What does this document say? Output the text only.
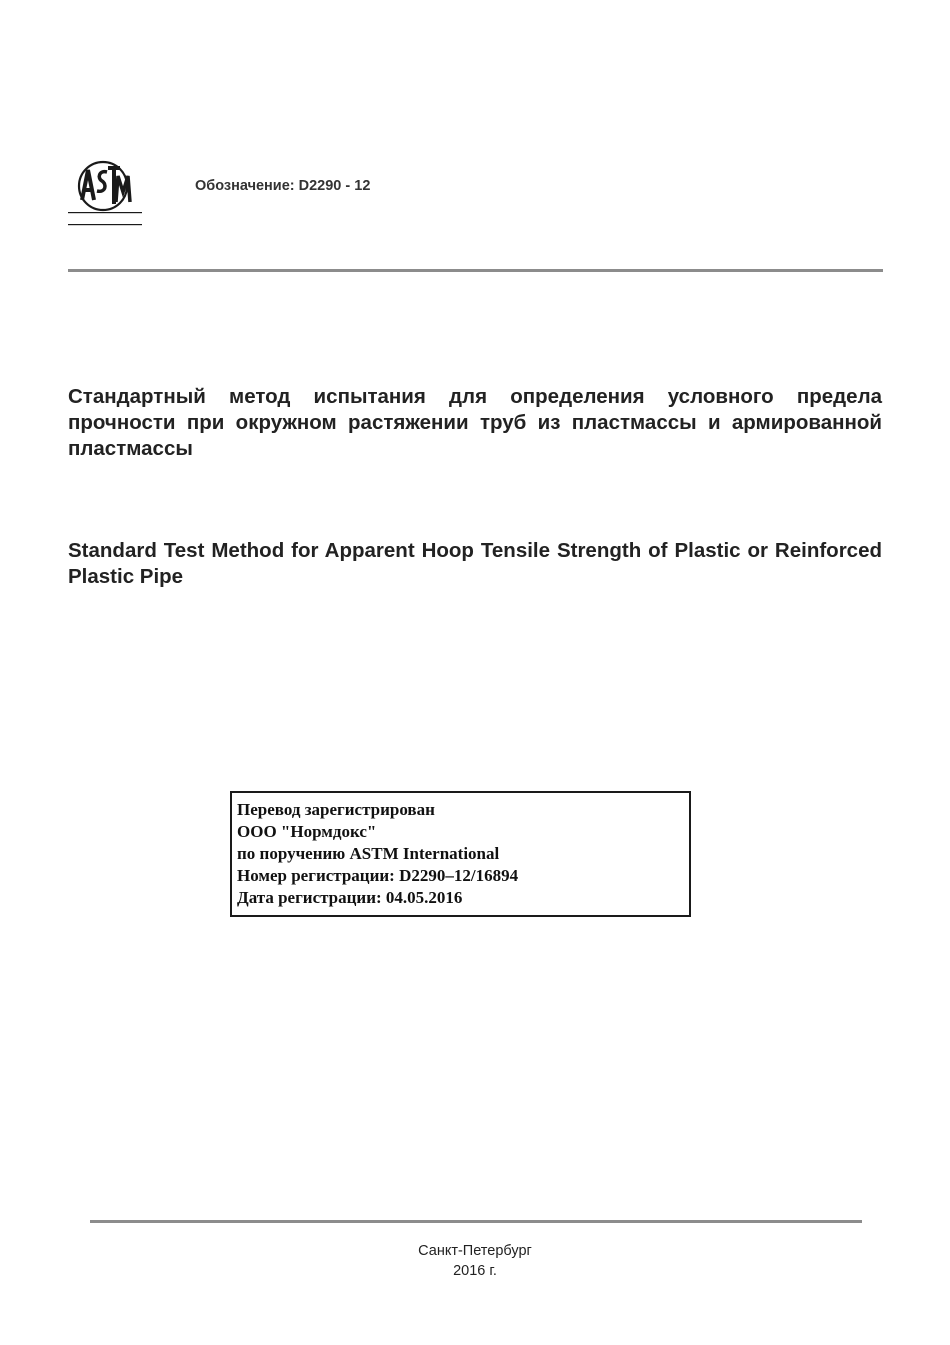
Обозначение: D2290 - 12
Стандартный метод испытания для определения условного предела прочности при окружном растяжении труб из пластмассы и армированной пластмассы
Standard Test Method for Apparent Hoop Tensile Strength of Plastic or Reinforced Plastic Pipe
Перевод зарегистрирован
ООО "Нормдокс"
по поручению ASTM International
Номер регистрации: D2290–12/16894
Дата регистрации: 04.05.2016
Санкт-Петербург
2016 г.
